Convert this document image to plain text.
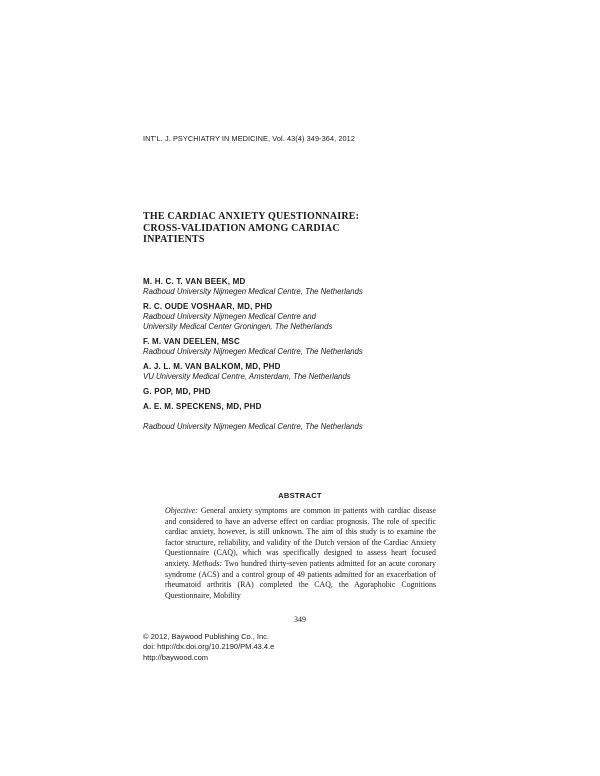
INT'L. J. PSYCHIATRY IN MEDICINE, Vol. 43(4) 349-364, 2012
THE CARDIAC ANXIETY QUESTIONNAIRE:
CROSS-VALIDATION AMONG CARDIAC
INPATIENTS
M. H. C. T. VAN BEEK, MD
Radboud University Nijmegen Medical Centre, The Netherlands
R. C. OUDE VOSHAAR, MD, PHD
Radboud University Nijmegen Medical Centre and
University Medical Center Groningen, The Netherlands
F. M. VAN DEELEN, MSC
Radboud University Nijmegen Medical Centre, The Netherlands
A. J. L. M. VAN BALKOM, MD, PHD
VU University Medical Centre, Amsterdam, The Netherlands
G. POP, MD, PHD
A. E. M. SPECKENS, MD, PHD
Radboud University Nijmegen Medical Centre, The Netherlands
ABSTRACT
Objective: General anxiety symptoms are common in patients with cardiac disease and considered to have an adverse effect on cardiac prognosis. The role of specific cardiac anxiety, however, is still unknown. The aim of this study is to examine the factor structure, reliability, and validity of the Dutch version of the Cardiac Anxiety Questionnaire (CAQ), which was specifically designed to assess heart focused anxiety. Methods: Two hundred thirty-seven patients admitted for an acute coronary syndrome (ACS) and a control group of 49 patients admitted for an exacerbation of rheumatoid arthritis (RA) completed the CAQ, the Agoraphobic Cognitions Questionnaire, Mobility
349
© 2012, Baywood Publishing Co., Inc.
doi: http://dx.doi.org/10.2190/PM.43.4.e
http://baywood.com
